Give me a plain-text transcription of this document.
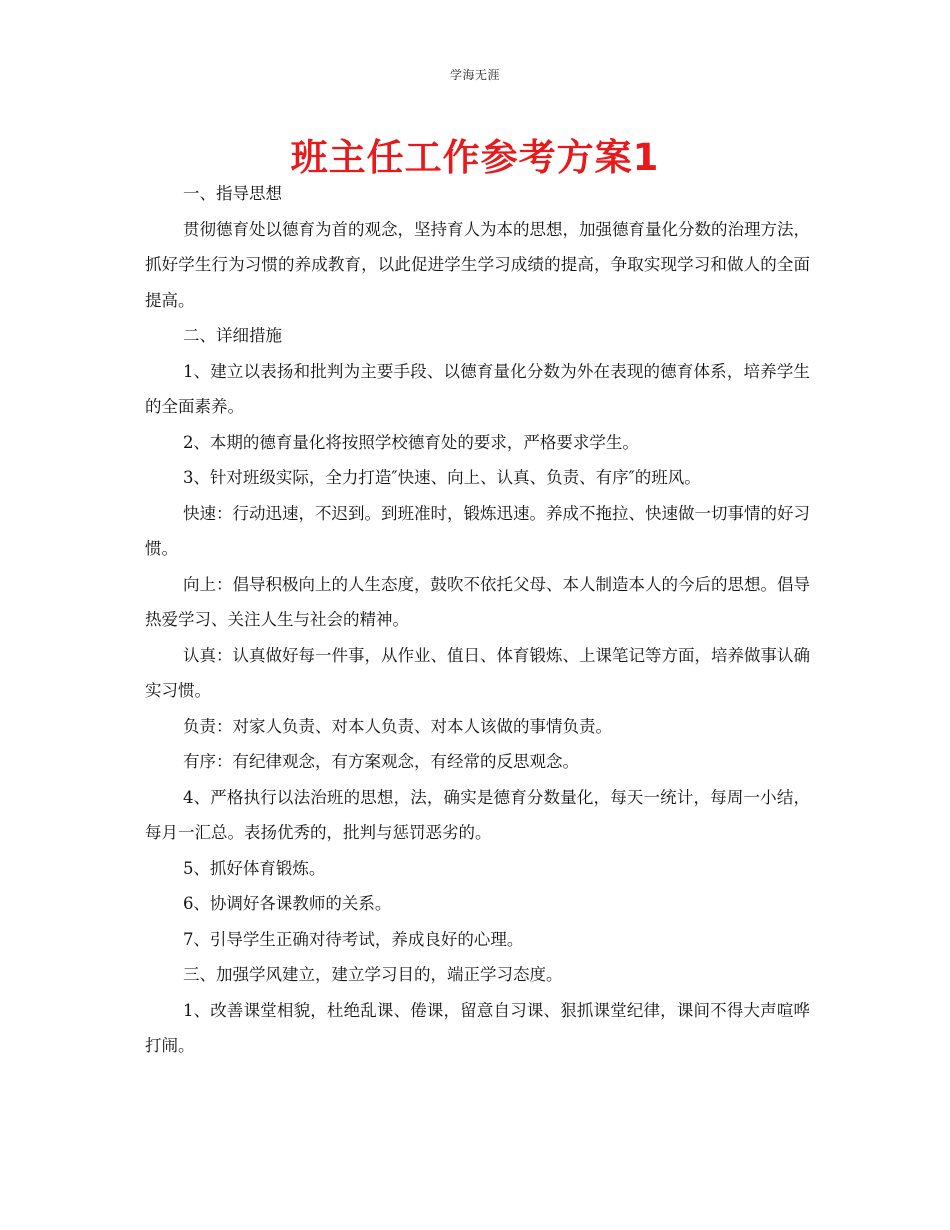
学海无涯
班主任工作参考方案1

一、指导思想

贯彻德育处以德育为首的观念，坚持育人为本的思想，加强德育量化分数的治理方法，抓好学生行为习惯的养成教育，以此促进学生学习成绩的提高，争取实现学习和做人的全面提高。

二、详细措施

1、建立以表扬和批判为主要手段、以德育量化分数为外在表现的德育体系，培养学生的全面素养。

2、本期的德育量化将按照学校德育处的要求，严格要求学生。

3、针对班级实际，全力打造″快速、向上、认真、负责、有序″的班风。

快速：行动迅速，不迟到。到班准时，锻炼迅速。养成不拖拉、快速做一切事情的好习惯。

向上：倡导积极向上的人生态度，鼓吹不依托父母、本人制造本人的今后的思想。倡导热爱学习、关注人生与社会的精神。

认真：认真做好每一件事，从作业、值日、体育锻炼、上课笔记等方面，培养做事认确实习惯。

负责：对家人负责、对本人负责、对本人该做的事情负责。

有序：有纪律观念，有方案观念，有经常的反思观念。

4、严格执行以法治班的思想，法，确实是德育分数量化，每天一统计，每周一小结，每月一汇总。表扬优秀的，批判与惩罚恶劣的。

5、抓好体育锻炼。

6、协调好各课教师的关系。

7、引导学生正确对待考试，养成良好的心理。

三、加强学风建立，建立学习目的，端正学习态度。

1、改善课堂相貌，杜绝乱课、倦课，留意自习课、狠抓课堂纪律，课间不得大声喧哗打闹。
